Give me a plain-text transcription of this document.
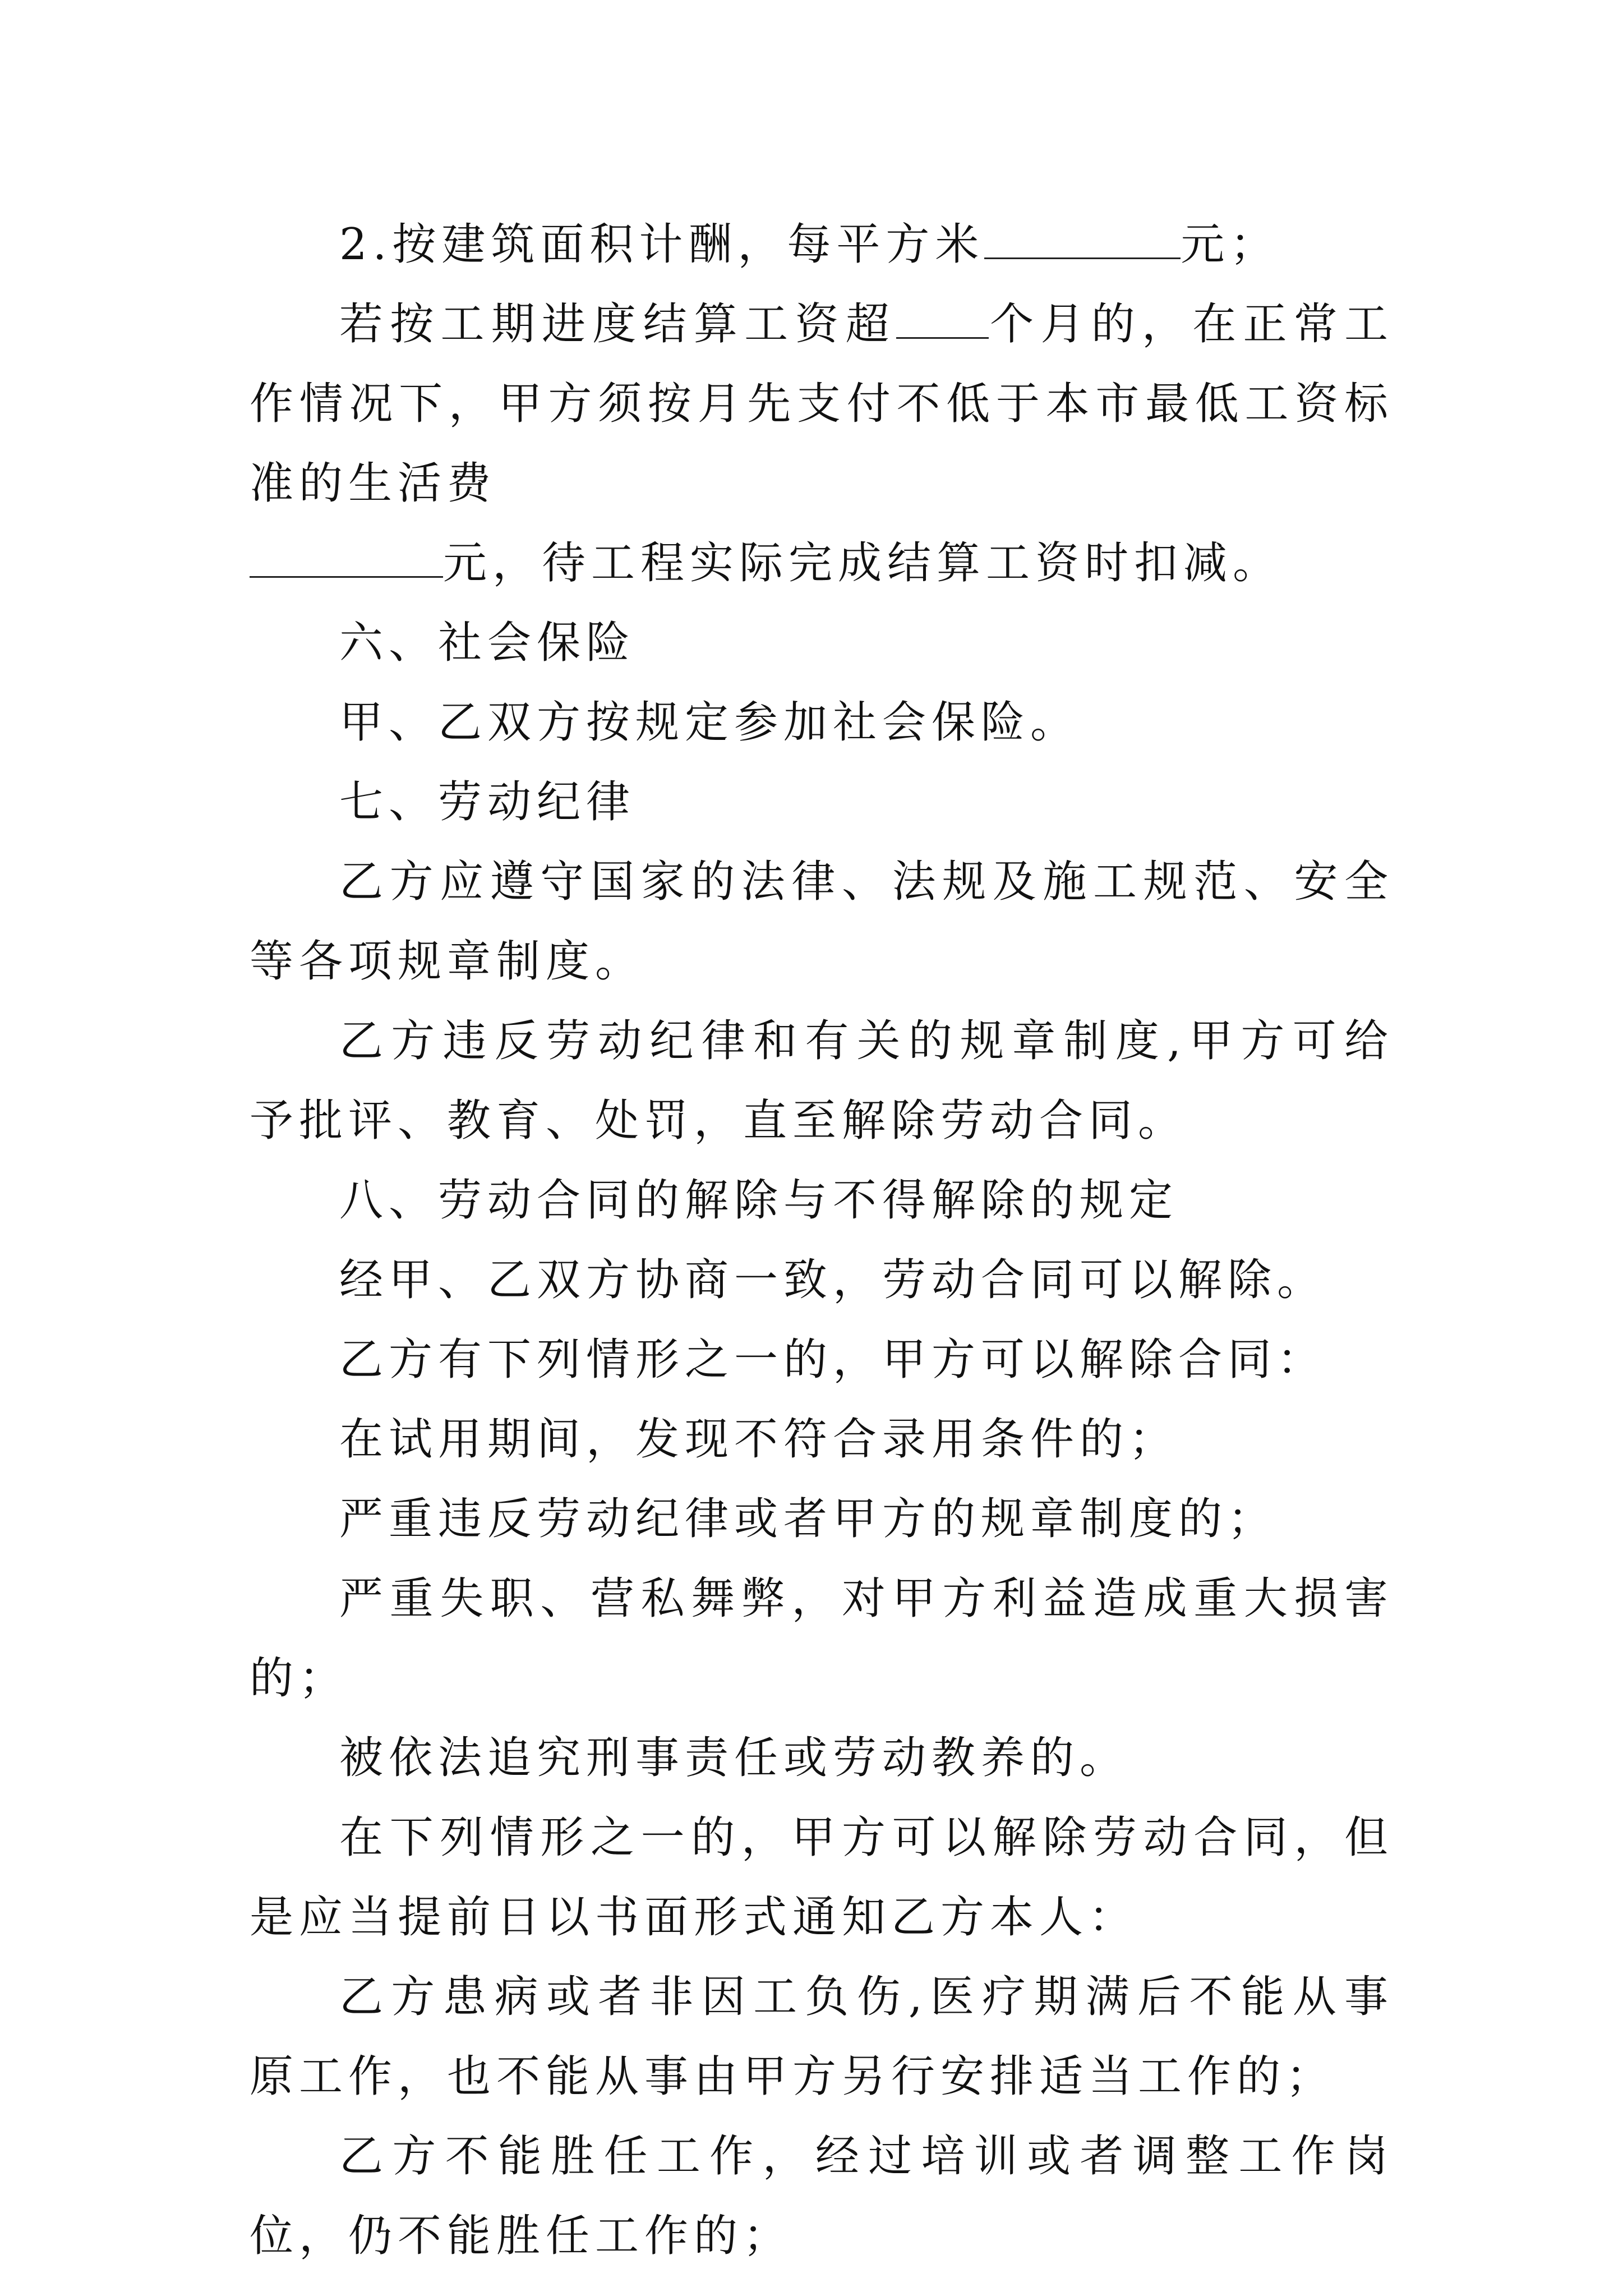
2.按建筑面积计酬，每平方米	元；

若按工期进度结算工资超 个月的，在正常工作情况下，甲方须按月先支付不低于本市最低工资标准的生活费

元，待工程实际完成结算工资时扣减。

六、社会保险

甲、乙双方按规定参加社会保险。

七、劳动纪律

乙方应遵守国家的法律、法规及施工规范、安全等各项规章制度。

乙方违反劳动纪律和有关的规章制度,甲方可给予批评、教育、处罚，直至解除劳动合同。

八、劳动合同的解除与不得解除的规定

经甲、乙双方协商一致，劳动合同可以解除。

乙方有下列情形之一的，甲方可以解除合同：

在试用期间，发现不符合录用条件的；

严重违反劳动纪律或者甲方的规章制度的；

严重失职、营私舞弊，对甲方利益造成重大损害的；

被依法追究刑事责任或劳动教养的。

在下列情形之一的，甲方可以解除劳动合同，但是应当提前日以书面形式通知乙方本人：

乙方患病或者非因工负伤,医疗期满后不能从事原工作，也不能从事由甲方另行安排适当工作的；

乙方不能胜任工作，经过培训或者调整工作岗位，仍不能胜任工作的；
